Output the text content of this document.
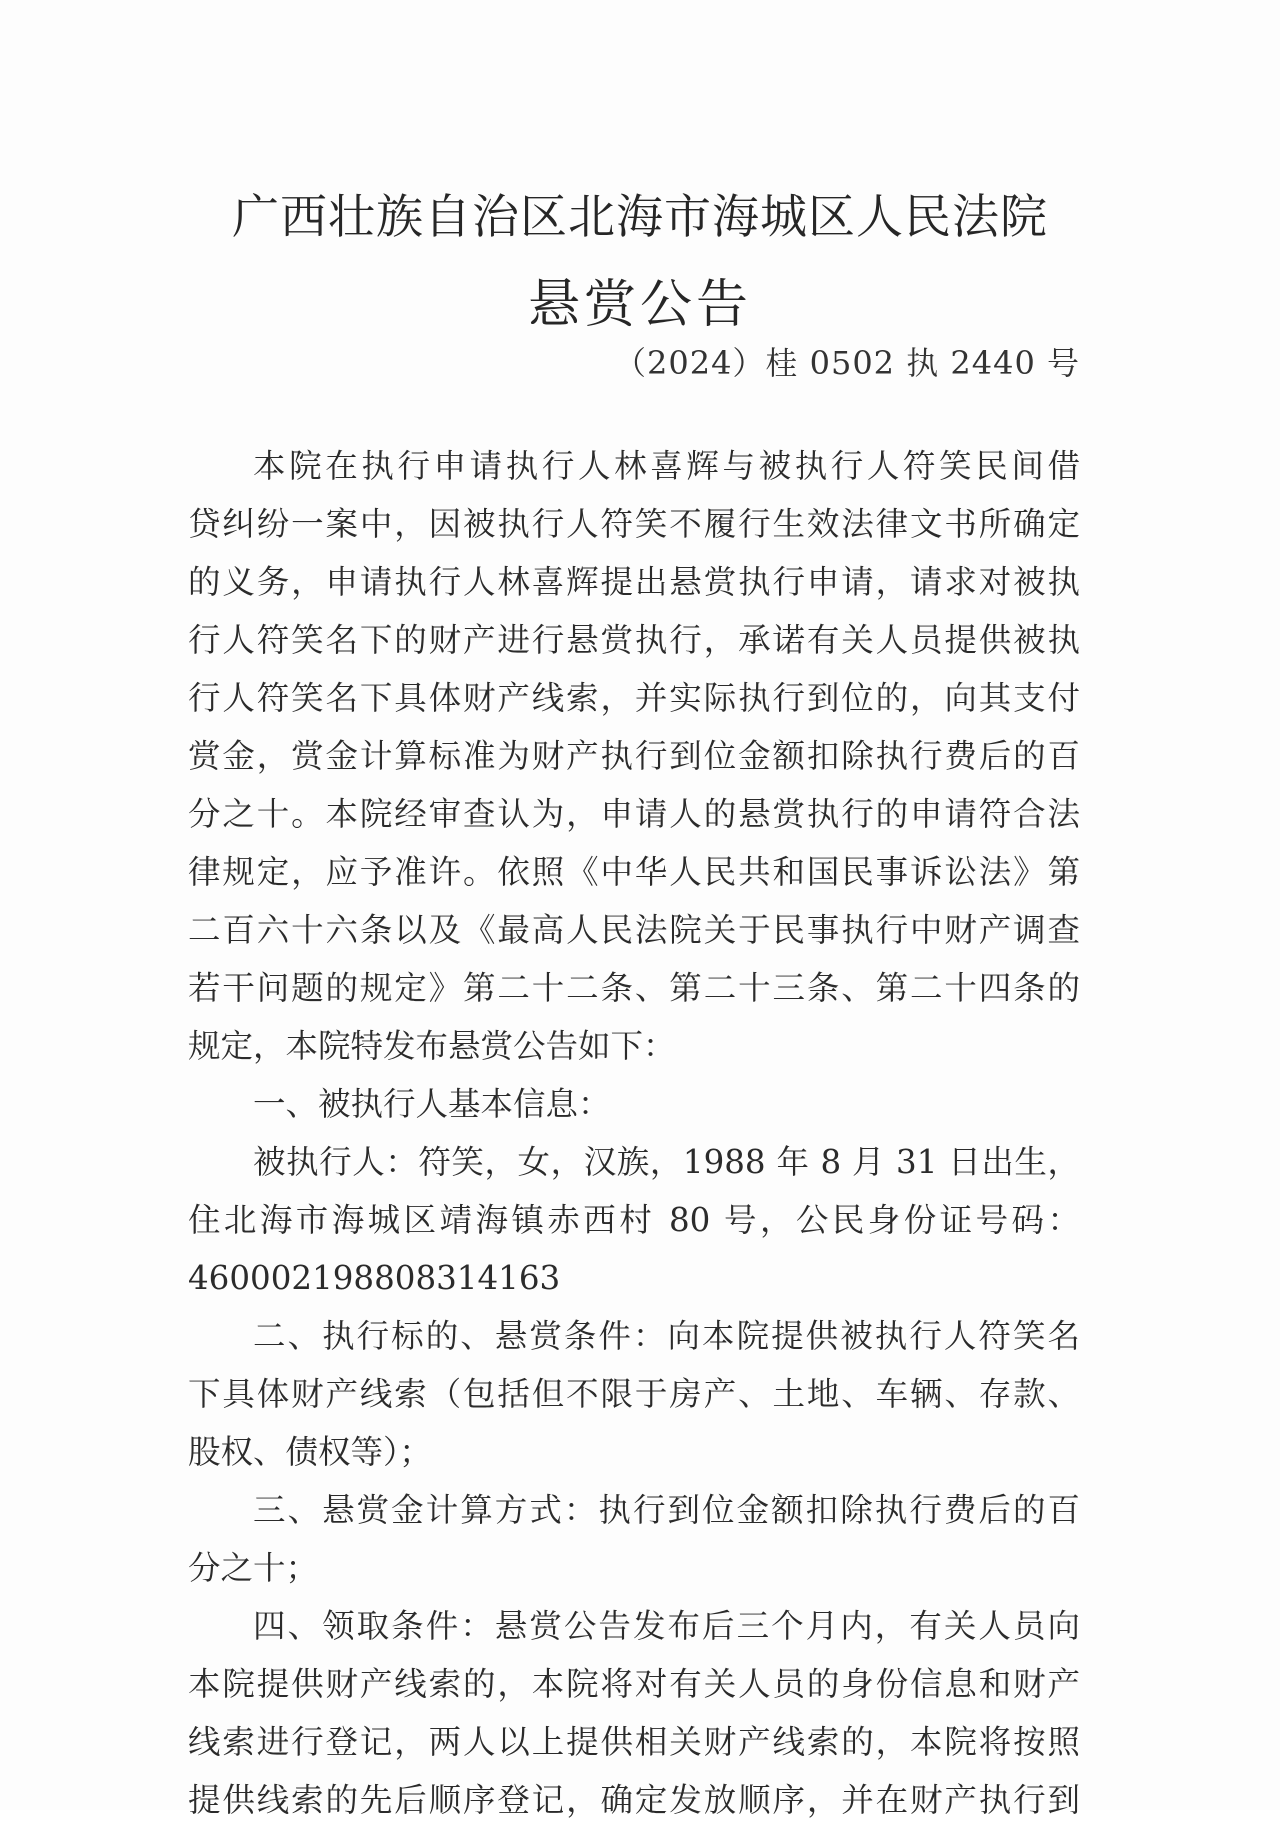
广西壮族自治区北海市海城区人民法院
悬赏公告
（2024）桂 0502 执 2440 号
本院在执行申请执行人林喜辉与被执行人符笑民间借
贷纠纷一案中，因被执行人符笑不履行生效法律文书所确定
的义务，申请执行人林喜辉提出悬赏执行申请，请求对被执
行人符笑名下的财产进行悬赏执行，承诺有关人员提供被执
行人符笑名下具体财产线索，并实际执行到位的，向其支付
赏金，赏金计算标准为财产执行到位金额扣除执行费后的百
分之十。本院经审查认为，申请人的悬赏执行的申请符合法
律规定，应予准许。依照《中华人民共和国民事诉讼法》第
二百六十六条以及《最高人民法院关于民事执行中财产调查
若干问题的规定》第二十二条、第二十三条、第二十四条的
规定，本院特发布悬赏公告如下：
一、被执行人基本信息：
被执行人：符笑，女，汉族，1988 年 8 月 31 日出生，
住北海市海城区靖海镇赤西村 80 号，公民身份证号码：
460002198808314163
二、执行标的、悬赏条件：向本院提供被执行人符笑名
下具体财产线索（包括但不限于房产、土地、车辆、存款、
股权、债权等）；
三、悬赏金计算方式：执行到位金额扣除执行费后的百
分之十；
四、领取条件：悬赏公告发布后三个月内，有关人员向
本院提供财产线索的，本院将对有关人员的身份信息和财产
线索进行登记，两人以上提供相关财产线索的，本院将按照
提供线索的先后顺序登记，确定发放顺序，并在财产执行到
